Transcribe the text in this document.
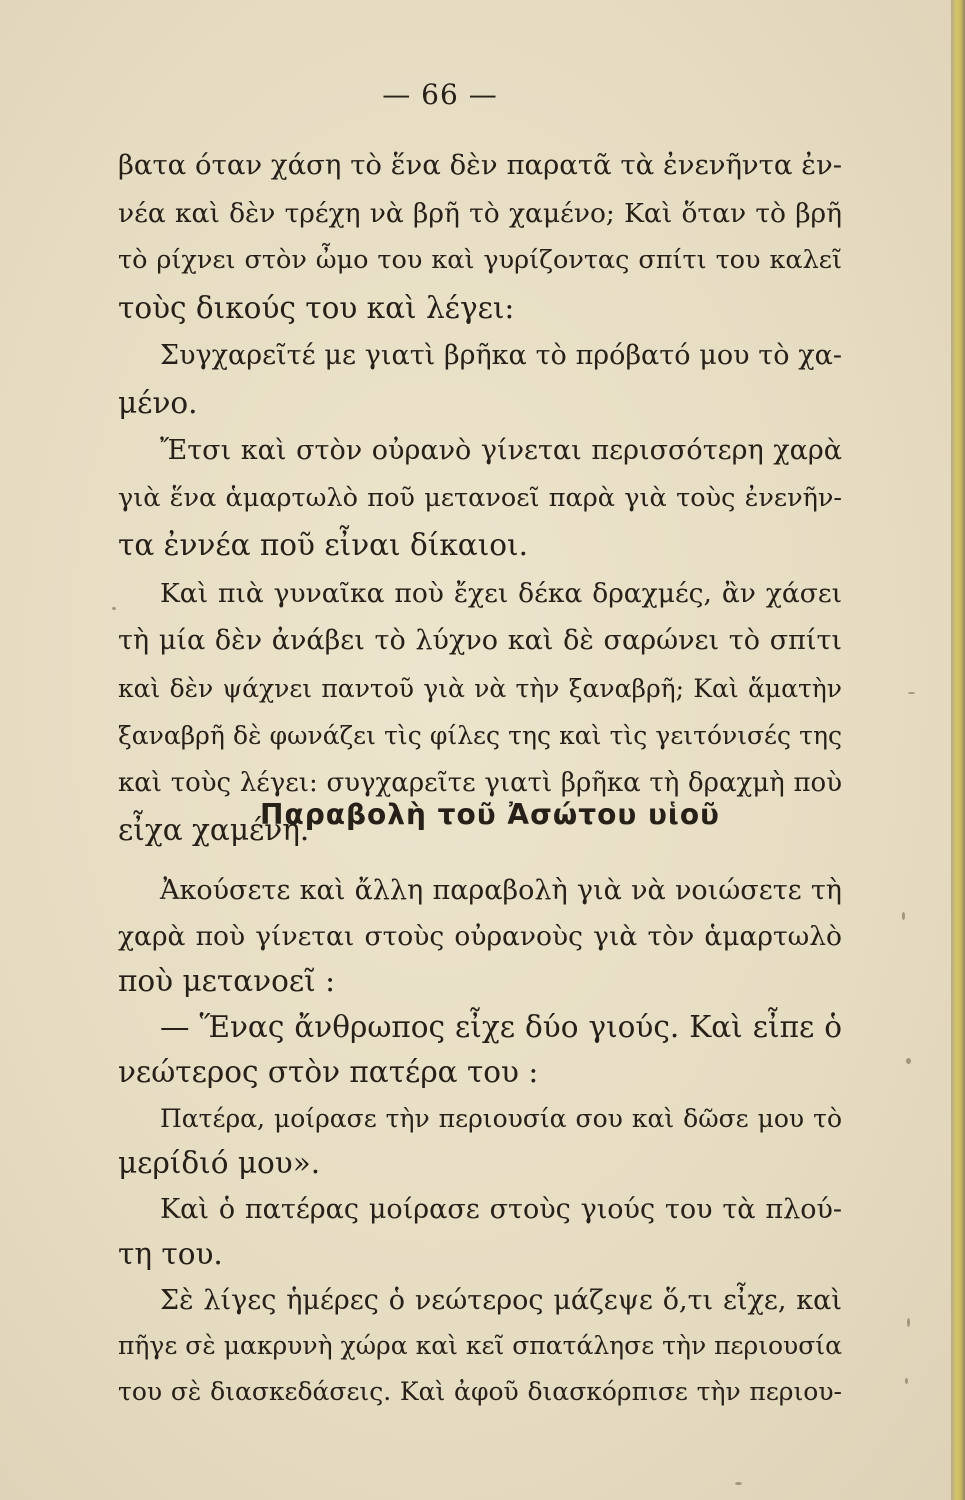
— 66 —
βατα όταν χάση τὸ ἕνα δὲν παρατᾶ τὰ ἐνενῆντα ἐν-
νέα καὶ δὲν τρέχη νὰ βρῆ τὸ χαμένο; Καὶ ὅταν τὸ βρῆ
τὸ ρίχνει στὸν ὦμο του καὶ γυρίζοντας σπίτι του καλεῖ
τοὺς δικούς του καὶ λέγει:
Συγχαρεῖτέ με γιατὶ βρῆκα τὸ πρόβατό μου τὸ χα-
μένο.
Ἔτσι καὶ στὸν οὐρανὸ γίνεται περισσότερη χαρὰ
γιὰ ἕνα ἁμαρτωλὸ ποῦ μετανοεῖ παρὰ γιὰ τοὺς ἐνενῆν-
τα ἐννέα ποῦ εἶναι δίκαιοι.
Καὶ πιὰ γυναῖκα ποὺ ἔχει δέκα δραχμές, ἂν χάσει
τὴ μία δὲν ἀνάβει τὸ λύχνο καὶ δὲ σαρώνει τὸ σπίτι
καὶ δὲν ψάχνει παντοῦ γιὰ νὰ τὴν ξαναβρῆ; Καὶ ἅματὴν
ξαναβρῆ δὲ φωνάζει τὶς φίλες της καὶ τὶς γειτόνισές της
καὶ τοὺς λέγει: συγχαρεῖτε γιατὶ βρῆκα τὴ δραχμὴ ποὺ
εἶχα χαμένη.
Παραβολὴ τοῦ Ἀσώτου υἱοῦ
Ἀκούσετε καὶ ἄλλη παραβολὴ γιὰ νὰ νοιώσετε τὴ
χαρὰ ποὺ γίνεται στοὺς οὐρανοὺς γιὰ τὸν ἁμαρτωλὸ
ποὺ μετανοεῖ :
— Ἕνας ἄνθρωπος εἶχε δύο γιούς. Καὶ εἶπε ὁ
νεώτερος στὸν πατέρα του :
Πατέρα, μοίρασε τὴν περιουσία σου καὶ δῶσε μου τὸ
μερίδιό μου».
Καὶ ὁ πατέρας μοίρασε στοὺς γιούς του τὰ πλού-
τη του.
Σὲ λίγες ἡμέρες ὁ νεώτερος μάζεψε ὅ,τι εἶχε, καὶ
πῆγε σὲ μακρυνὴ χώρα καὶ κεῖ σπατάλησε τὴν περιουσία
του σὲ διασκεδάσεις. Καὶ ἀφοῦ διασκόρπισε τὴν περιου-
